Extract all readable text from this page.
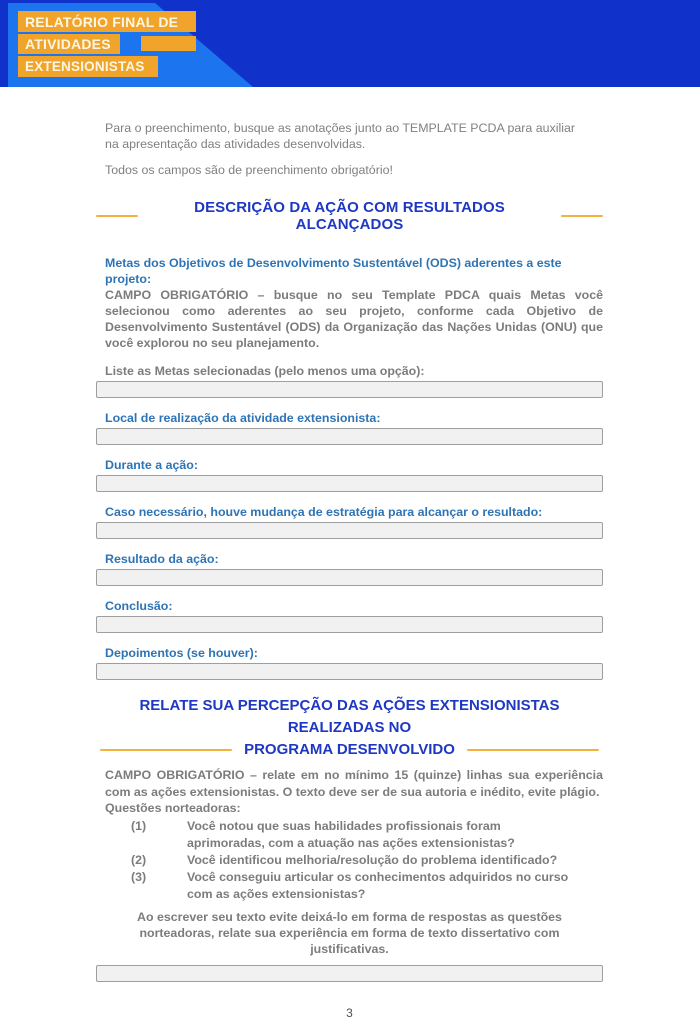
RELATÓRIO FINAL DE
ATIVIDADES
EXTENSIONISTAS

Para o preenchimento, busque as anotações junto ao TEMPLATE PCDA para auxiliar na apresentação das atividades desenvolvidas.

Todos os campos são de preenchimento obrigatório!

DESCRIÇÃO DA AÇÃO COM RESULTADOS ALCANÇADOS
Metas dos Objetivos de Desenvolvimento Sustentável (ODS) aderentes a este projeto:
CAMPO OBRIGATÓRIO – busque no seu Template PDCA quais Metas você selecionou como aderentes ao seu projeto, conforme cada Objetivo de Desenvolvimento Sustentável (ODS) da Organização das Nações Unidas (ONU) que você explorou no seu planejamento.
Liste as Metas selecionadas (pelo menos uma opção):
Local de realização da atividade extensionista:
Durante a ação:
Caso necessário, houve mudança de estratégia para alcançar o resultado:
Resultado da ação:
Conclusão:
Depoimentos (se houver):
RELATE SUA PERCEPÇÃO DAS AÇÕES EXTENSIONISTAS REALIZADAS NO
PROGRAMA DESENVOLVIDO
CAMPO OBRIGATÓRIO – relate em no mínimo 15 (quinze) linhas sua experiência com as ações extensionistas. O texto deve ser de sua autoria e inédito, evite plágio.
Questões norteadoras:
(1)	Você notou que suas habilidades profissionais foram aprimoradas, com a atuação nas ações extensionistas?
(2)	Você identificou melhoria/resolução do problema identificado?
(3)	Você conseguiu articular os conhecimentos adquiridos no curso com as ações extensionistas?
Ao escrever seu texto evite deixá-lo em forma de respostas as questões norteadoras, relate sua experiência em forma de texto dissertativo com justificativas.
3
